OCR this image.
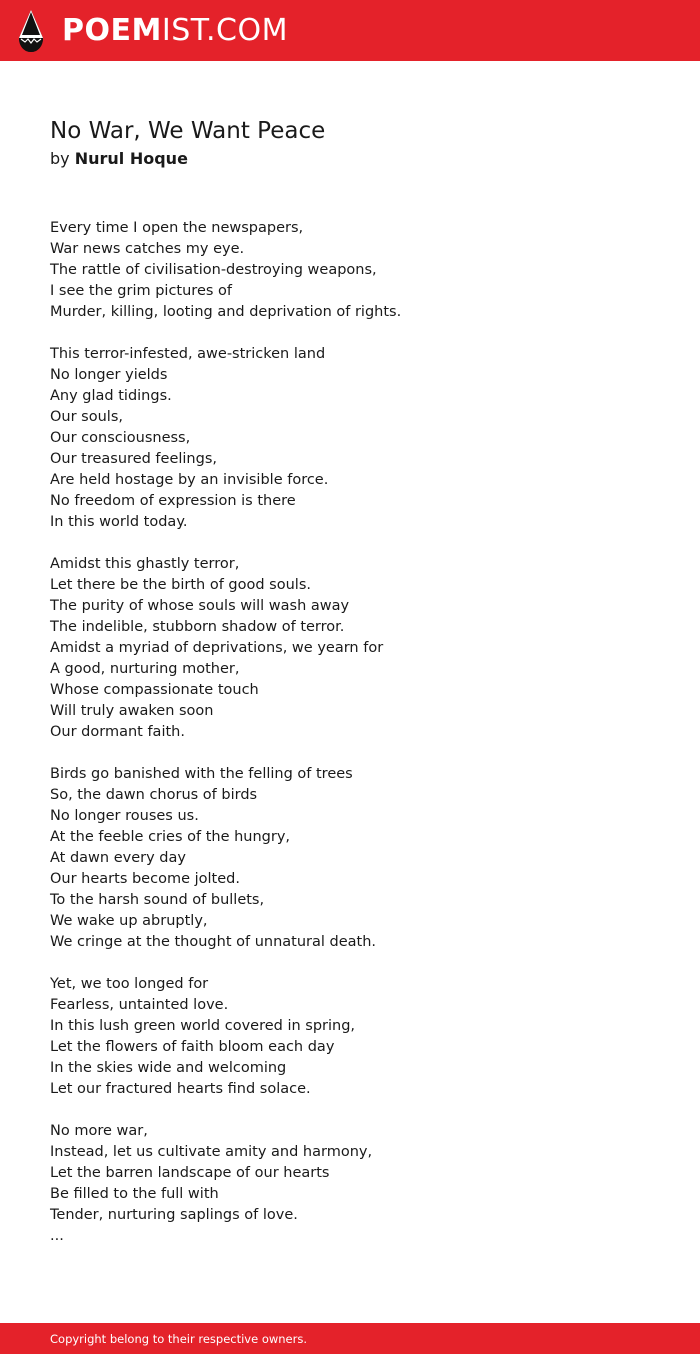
POEMIST.COM
No War, We Want Peace
by Nurul Hoque
Every time I open the newspapers,
War news catches my eye.
The rattle of civilisation-destroying weapons,
I see the grim pictures of
Murder, killing, looting and deprivation of rights.
This terror-infested, awe-stricken land
No longer yields
Any glad tidings.
Our souls,
Our consciousness,
Our treasured feelings,
Are held hostage by an invisible force.
No freedom of expression is there
In this world today.
Amidst this ghastly terror,
Let there be the birth of good souls.
The purity of whose souls will wash away
The indelible, stubborn shadow of terror.
Amidst a myriad of deprivations, we yearn for
A good, nurturing mother,
Whose compassionate touch
Will truly awaken soon
Our dormant faith.
Birds go banished with the felling of trees
So, the dawn chorus of birds
No longer rouses us.
At the feeble cries of the hungry,
At dawn every day
Our hearts become jolted.
To the harsh sound of bullets,
We wake up abruptly,
We cringe at the thought of unnatural death.
Yet, we too longed for
Fearless, untainted love.
In this lush green world covered in spring,
Let the flowers of faith bloom each day
In the skies wide and welcoming
Let our fractured hearts find solace.
No more war,
Instead, let us cultivate amity and harmony,
Let the barren landscape of our hearts
Be filled to the full with
Tender, nurturing saplings of love.
...
Copyright belong to their respective owners.
